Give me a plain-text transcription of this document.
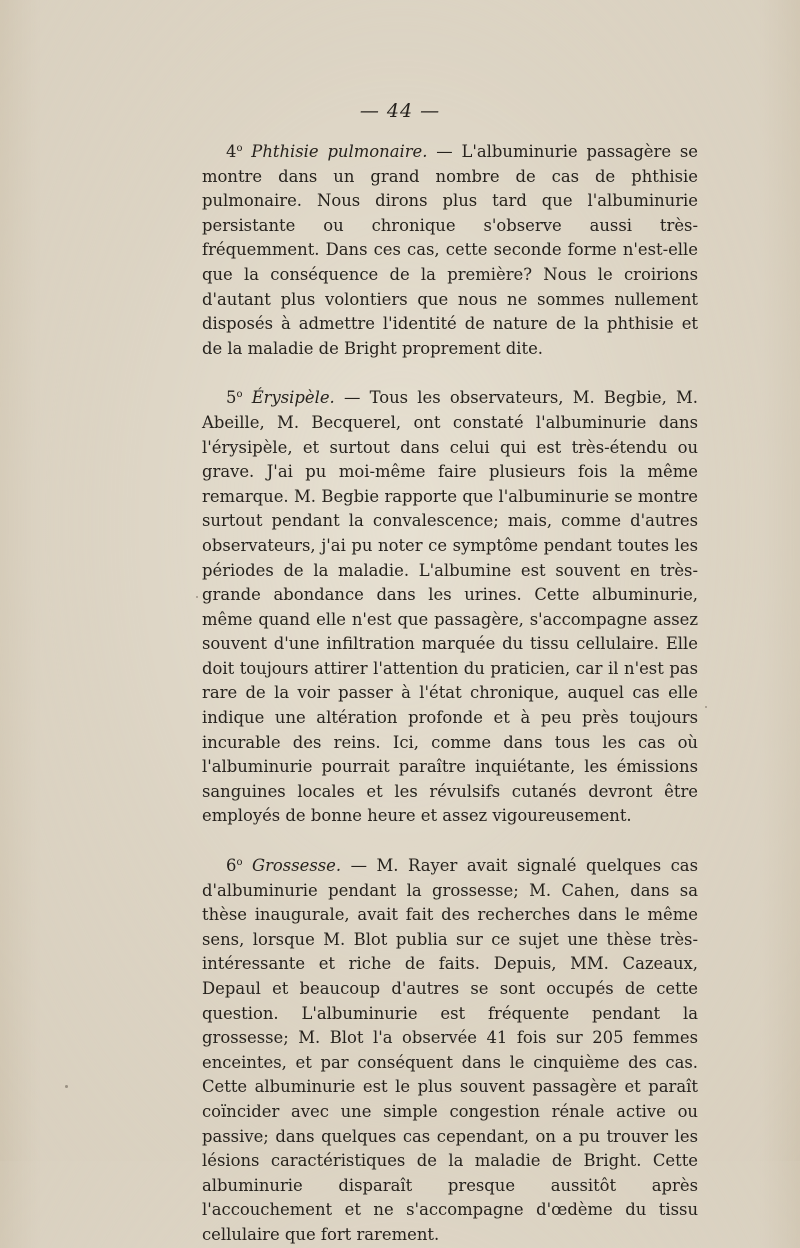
— 44 —

4$^o$ Phthisie pulmonaire. — L'albuminurie passagère se montre dans un grand nombre de cas de phthisie pulmonaire. Nous dirons plus tard que l'albuminurie persistante ou chronique s'observe aussi très-fréquemment. Dans ces cas, cette seconde forme n'est-elle que la conséquence de la première? Nous le croirions d'autant plus volontiers que nous ne sommes nullement disposés à admettre l'identité de nature de la phthisie et de la maladie de Bright proprement dite.

5$^o$ Érysipèle. — Tous les observateurs, M. Begbie, M. Abeille, M. Becquerel, ont constaté l'albuminurie dans l'érysipèle, et surtout dans celui qui est très-étendu ou grave. J'ai pu moi-même faire plusieurs fois la même remarque. M. Begbie rapporte que l'albuminurie se montre surtout pendant la convalescence; mais, comme d'autres observateurs, j'ai pu noter ce symptôme pendant toutes les périodes de la maladie. L'albumine est souvent en très-grande abondance dans les urines. Cette albuminurie, même quand elle n'est que passagère, s'accompagne assez souvent d'une infiltration marquée du tissu cellulaire. Elle doit toujours attirer l'attention du praticien, car il n'est pas rare de la voir passer à l'état chronique, auquel cas elle indique une altération profonde et à peu près toujours incurable des reins. Ici, comme dans tous les cas où l'albuminurie pourrait paraître inquiétante, les émissions sanguines locales et les révulsifs cutanés devront être employés de bonne heure et assez vigoureusement.

6$^o$ Grossesse. — M. Rayer avait signalé quelques cas d'albuminurie pendant la grossesse; M. Cahen, dans sa thèse inaugurale, avait fait des recherches dans le même sens, lorsque M. Blot publia sur ce sujet une thèse très-intéressante et riche de faits. Depuis, MM. Cazeaux, Depaul et beaucoup d'autres se sont occupés de cette question. L'albuminurie est fréquente pendant la grossesse; M. Blot l'a observée 41 fois sur 205 femmes enceintes, et par conséquent dans le cinquième des cas. Cette albuminurie est le plus souvent passagère et paraît coïncider avec une simple congestion rénale active ou passive; dans quelques cas cependant, on a pu trouver les lésions caractéristiques de la maladie de Bright. Cette albuminurie disparaît presque aussitôt après l'accouchement et ne s'accompagne d'œdème du tissu cellulaire que fort rarement.
